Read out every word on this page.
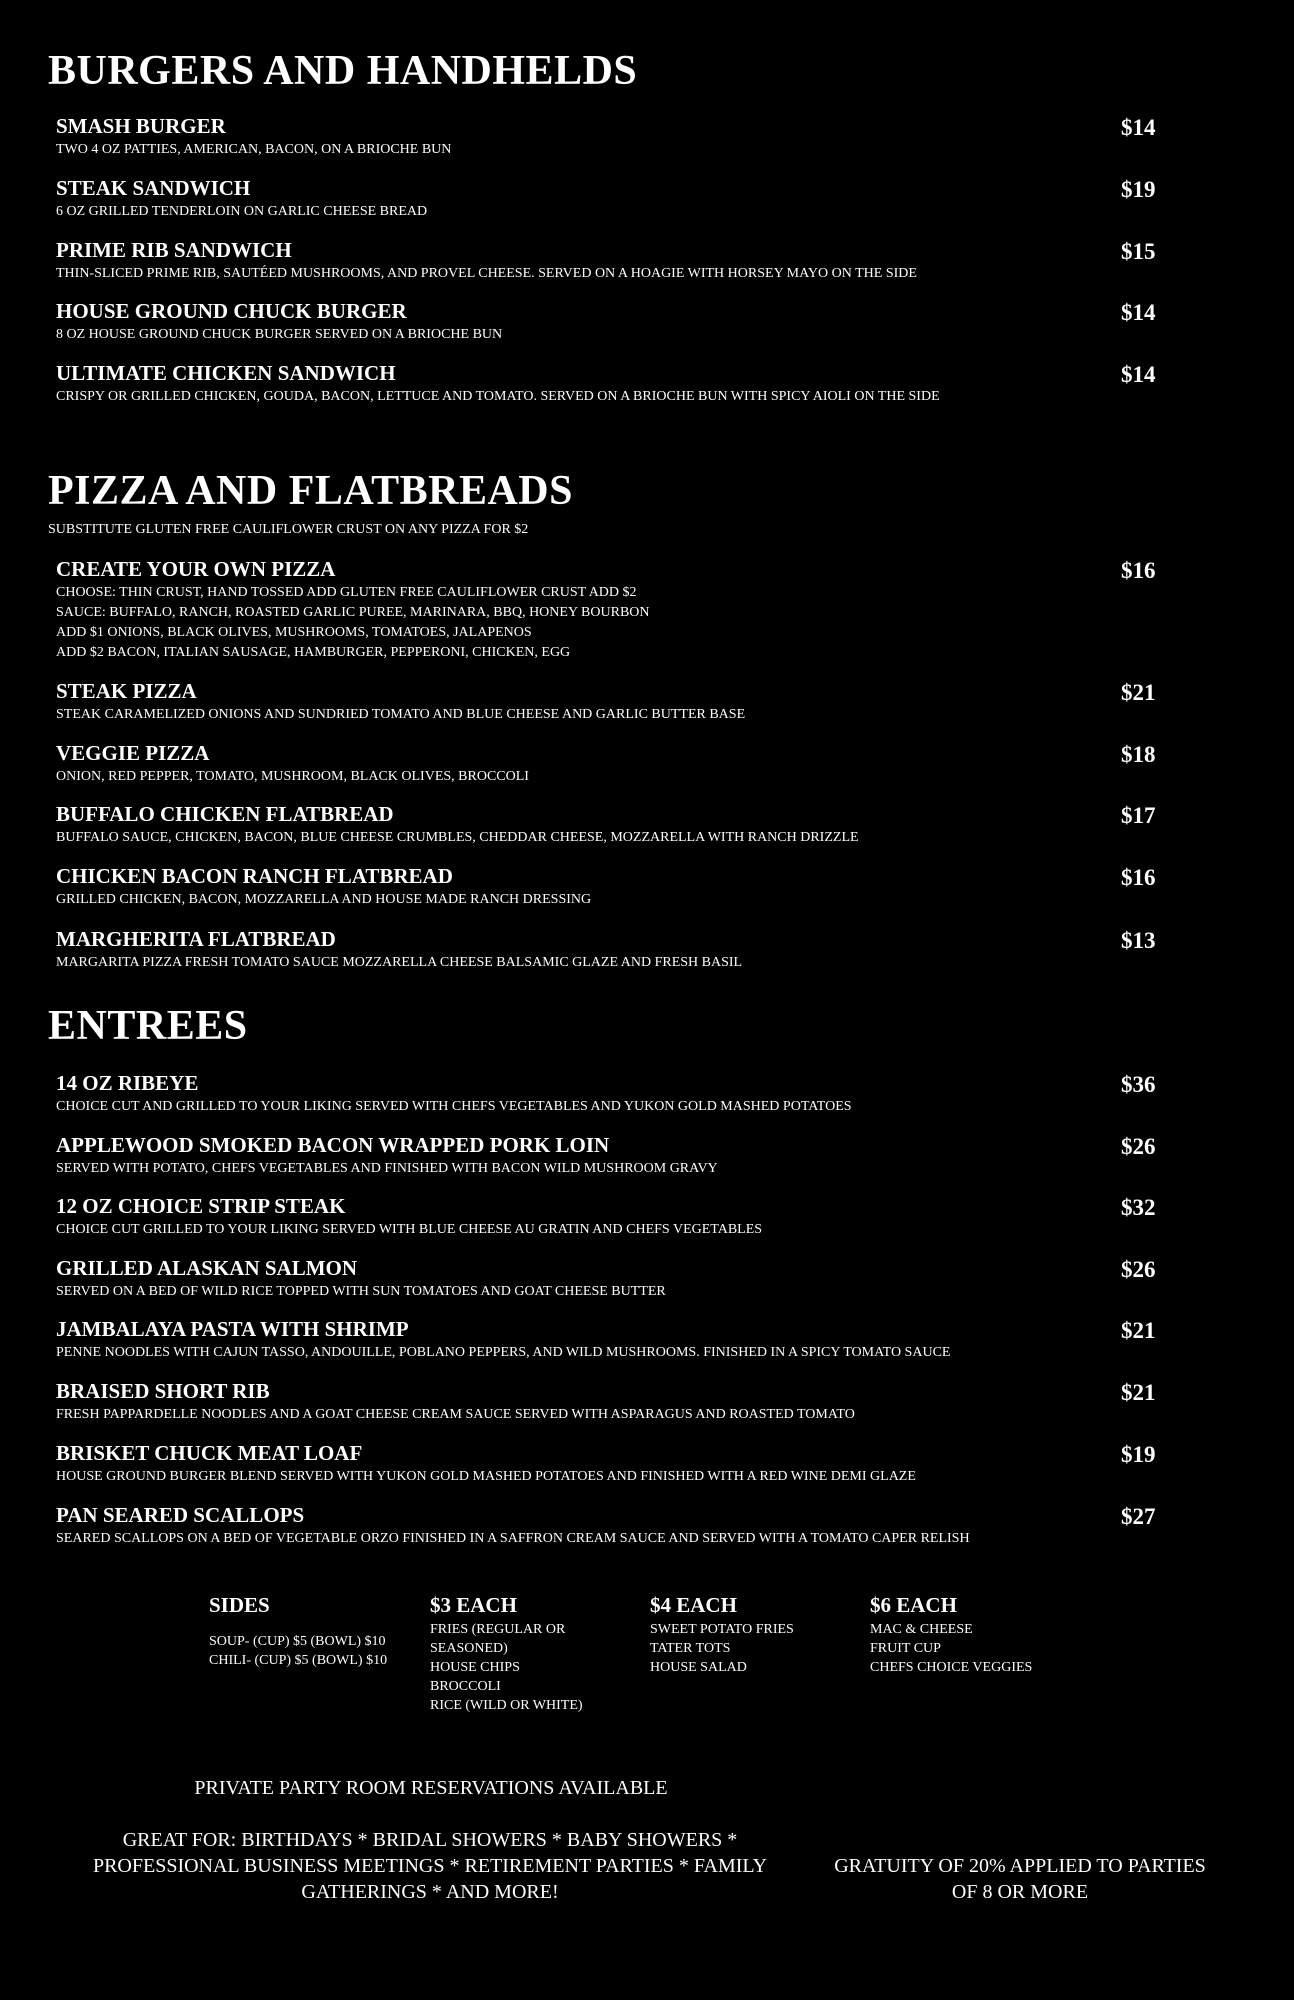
BURGERS AND HANDHELDS
SMASH BURGER
TWO 4 OZ PATTIES, AMERICAN, BACON, ON A BRIOCHE BUN
$14
STEAK SANDWICH
6 OZ GRILLED TENDERLOIN ON GARLIC CHEESE BREAD
$19
PRIME RIB SANDWICH
THIN-SLICED PRIME RIB, SAUTÉED MUSHROOMS, AND PROVEL CHEESE. SERVED ON A HOAGIE WITH HORSEY MAYO ON THE SIDE
$15
HOUSE GROUND CHUCK BURGER
8 OZ HOUSE GROUND CHUCK BURGER SERVED ON A BRIOCHE BUN
$14
ULTIMATE CHICKEN SANDWICH
CRISPY OR GRILLED CHICKEN, GOUDA, BACON, LETTUCE AND TOMATO. SERVED ON A BRIOCHE BUN WITH SPICY AIOLI ON THE SIDE
$14
PIZZA AND FLATBREADS
SUBSTITUTE GLUTEN FREE CAULIFLOWER CRUST ON ANY PIZZA FOR $2
CREATE YOUR OWN PIZZA
CHOOSE: THIN CRUST, HAND TOSSED ADD GLUTEN FREE CAULIFLOWER CRUST ADD $2
SAUCE: BUFFALO, RANCH, ROASTED GARLIC PUREE, MARINARA, BBQ, HONEY BOURBON
ADD $1 ONIONS, BLACK OLIVES, MUSHROOMS, TOMATOES, JALAPENOS
ADD $2 BACON, ITALIAN SAUSAGE, HAMBURGER, PEPPERONI, CHICKEN, EGG
$16
STEAK PIZZA
STEAK CARAMELIZED ONIONS AND SUNDRIED TOMATO AND BLUE CHEESE AND GARLIC BUTTER BASE
$21
VEGGIE PIZZA
ONION, RED PEPPER, TOMATO, MUSHROOM, BLACK OLIVES, BROCCOLI
$18
BUFFALO CHICKEN FLATBREAD
BUFFALO SAUCE, CHICKEN, BACON, BLUE CHEESE CRUMBLES, CHEDDAR CHEESE, MOZZARELLA WITH RANCH DRIZZLE
$17
CHICKEN BACON RANCH FLATBREAD
GRILLED CHICKEN, BACON, MOZZARELLA AND HOUSE MADE RANCH DRESSING
$16
MARGHERITA FLATBREAD
MARGARITA PIZZA FRESH TOMATO SAUCE MOZZARELLA CHEESE BALSAMIC GLAZE AND FRESH BASIL
$13
ENTREES
14 OZ RIBEYE
CHOICE CUT AND GRILLED TO YOUR LIKING SERVED WITH CHEFS VEGETABLES AND YUKON GOLD MASHED POTATOES
$36
APPLEWOOD SMOKED BACON WRAPPED PORK LOIN
SERVED WITH POTATO, CHEFS VEGETABLES AND FINISHED WITH BACON WILD MUSHROOM GRAVY
$26
12 OZ CHOICE STRIP STEAK
CHOICE CUT GRILLED TO YOUR LIKING SERVED WITH BLUE CHEESE AU GRATIN AND CHEFS VEGETABLES
$32
GRILLED ALASKAN SALMON
SERVED ON A BED OF WILD RICE TOPPED WITH SUN TOMATOES AND GOAT CHEESE BUTTER
$26
JAMBALAYA PASTA WITH SHRIMP
PENNE NOODLES WITH CAJUN TASSO, ANDOUILLE, POBLANO PEPPERS, AND WILD MUSHROOMS. FINISHED IN A SPICY TOMATO SAUCE
$21
BRAISED SHORT RIB
FRESH PAPPARDELLE NOODLES AND A GOAT CHEESE CREAM SAUCE SERVED WITH ASPARAGUS AND ROASTED TOMATO
$21
BRISKET CHUCK MEAT LOAF
HOUSE GROUND BURGER BLEND SERVED WITH YUKON GOLD MASHED POTATOES AND FINISHED WITH A RED WINE DEMI GLAZE
$19
PAN SEARED SCALLOPS
SEARED SCALLOPS ON A BED OF VEGETABLE ORZO FINISHED IN A SAFFRON CREAM SAUCE AND SERVED WITH A TOMATO CAPER RELISH
$27
SIDES
SOUP- (CUP) $5 (BOWL) $10
CHILI- (CUP) $5 (BOWL) $10
$3 EACH
FRIES (REGULAR OR
SEASONED)
HOUSE CHIPS
BROCCOLI
RICE (WILD OR WHITE)
$4 EACH
SWEET POTATO FRIES
TATER TOTS
HOUSE SALAD
$6 EACH
MAC & CHEESE
FRUIT CUP
CHEFS CHOICE VEGGIES
PRIVATE PARTY ROOM RESERVATIONS AVAILABLE
GREAT FOR: BIRTHDAYS * BRIDAL SHOWERS * BABY SHOWERS *
PROFESSIONAL BUSINESS MEETINGS * RETIREMENT PARTIES * FAMILY
GATHERINGS * AND MORE!
GRATUITY OF 20% APPLIED TO PARTIES
OF 8 OR MORE
